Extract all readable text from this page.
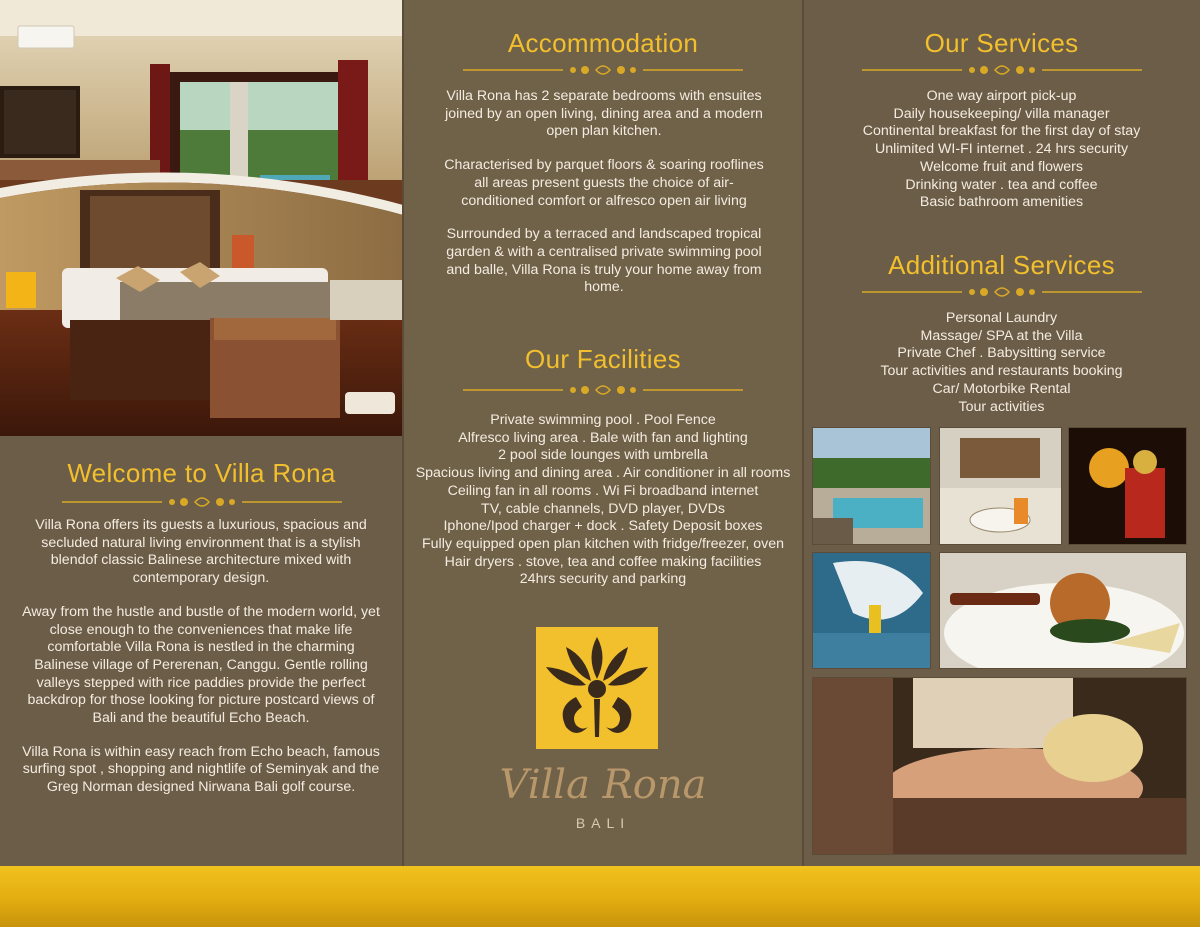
Welcome to Villa Rona

Villa Rona offers its guests a luxurious, spacious and secluded natural living environment that is a stylish blendof classic Balinese architecture mixed with contemporary design.

Away from the hustle and bustle of the modern world, yet close enough to the conveniences that make life comfortable Villa Rona is nestled in the charming Balinese village of Pererenan, Canggu. Gentle rolling valleys stepped with rice paddies provide the perfect backdrop for those looking for picture postcard views of Bali and the beautiful Echo Beach.

Villa Rona is within easy reach from Echo beach, famous surfing spot , shopping and nightlife of Seminyak and the Greg Norman designed Nirwana Bali golf course.

Accommodation

Villa Rona has 2 separate bedrooms with ensuites joined by an open living, dining area and a modern open plan kitchen.

Characterised by parquet floors & soaring rooflines all areas present guests the choice of air-conditioned comfort or alfresco open air living

Surrounded by a terraced and landscaped tropical garden & with a centralised private swimming pool and balle, Villa Rona is truly your home away from home.

Our Facilities
Private swimming pool . Pool Fence
Alfresco living area . Bale with fan and lighting
2 pool side lounges with umbrella
Spacious living and dining area . Air conditioner in all rooms
Ceiling fan in all rooms . Wi Fi broadband internet
TV, cable channels, DVD player, DVDs
Iphone/Ipod charger + dock . Safety Deposit boxes
Fully equipped open plan kitchen with fridge/freezer, oven
Hair dryers . stove, tea and coffee making facilities
24hrs security and parking
Villa Rona
BALI
Our Services
One way airport pick-up
Daily housekeeping/ villa manager
Continental breakfast for the first day of stay
Unlimited WI-FI internet . 24 hrs security
Welcome fruit and flowers
Drinking water . tea and coffee
Basic bathroom amenities
Additional Services
Personal Laundry
Massage/ SPA at the Villa
Private Chef . Babysitting service
Tour activities and restaurants booking
Car/ Motorbike Rental
Tour activities
